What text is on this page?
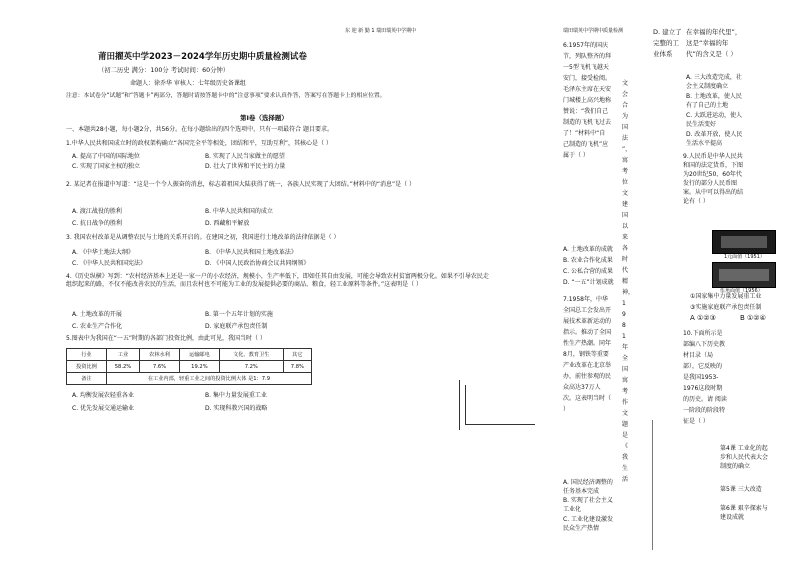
东 迎 新 勤 1 瑞田瑞英中学期中
莆田擢英中学2023－2024学年历史期中质量检测试卷
（初二历史 满分：100分 考试时间：60分钟）
命题人：徐乔华 审核人：七年级历史备课组
注意：本试卷分“试题”和“答题卡”两部分，答题时请按答题卡中的“注意事项”要求认真作答，答案写在答题卡上的相应位置。
第Ⅰ卷（选择题）
一、本题共28小题，每小题2分，共56分。在每小题给出的四个选项中，只有一项最符合 题目要求。
1.中华人民共和国成立时的政权架构确立“各国完全平等相处，团结和平，互助互利”，其核心是（ ）
A. 提高了中国的国际地位	B. 实现了人民当家做主的愿望
C. 实现了国家主权的独立	D. 壮大了世界和平民主的力量
2. 某记者在报道中写道：“这是一个令人振奋的消息，标志着祖国大陆获得了统一，各族人民实现了大团结。”材料中的“消息”是（ ）
A. 渡江战役的胜利	B. 中华人民共和国的成立
C. 抗日战争的胜利	D. 西藏和平解放
3. 我国农村改革是从调整农民与土地的关系开启的。在建国之初，我国进行土地改革的法律依据是（ ）
A. 《中华土地法大纲》	B. 《中华人民共和国土地改革法》
C. 《中华人民共和国宪法》	D. 《中国人民政治协商会议共同纲领》
4.《历史纵横》写到：“农村经济基本上还是一家一户的小农经济，规模小，生产率低下，即如任其自由发展，可能会导致农村贫富两极分化。如果不引导农民走组织起来的路，不仅不能改善农民的生活，而且农村也不可能为工业的发展提供必要的商品、粮食，轻工业原料等条件。”这表明是（ ）
A. 土地改革的开展	B. 第一个五年计划的实施
C. 农业生产合作化	D. 家庭联产承包责任制
5.图表中为我国在“一五”时期的各部门投资比例，由此可见，我国当时（ ）
行业	工业	农林水利	运输邮电	文化、教育卫生	其它
投资比例	58.2%	7.6%	19.2%	7.2%	7.8%
备注	在工业内部，轻重工业之间的投资比例大体 是1：7.9				
A. 均衡发展农轻重各业	B. 集中力量发展重工业
C. 优先发展交通运输业	D. 实现科教兴国的战略
瑞田瑞英中学期中质量检测
6.1957年的国庆节，列队整齐的拜一5型飞机飞越天安门，接受检阅。毛泽东主席在天安门城楼上高兴地称赞说：“我们自己制造的飞机飞过去了！”材料中“自己制造的飞机”应属于（ ）
文 会 合 为 国 法 ”，寓 考 位 文 建 国 以 来 各 时 代 精 神，1 9 8 1 年 全 国 寓 考 作 文 题 是《 我 生 活
A. 土地改革的成就
B. 农业合作化成果
C. 公私合营的成果
D. “一五”计划成就
7.1958年，中华全国总工会发出开展技术革新运动的指示。推动了全国性生产热潮。同年8月，钢铁等重要产业改革在北京举办，前往参观的民众高达37万人次。这表明当时（ ）
A. 国民经济调整的任务基本完成
B. 实现了社会主义工业化
C. 工业化建设激发民众生产热情
D. 建立了完整的工业体系
在幸福的年代里”，这是“幸福的年代”的含义是（ ）
A. 三大改造完成，社会主义制度确立
B. 土地改革，使人民有了自己的土地
C. 大跃进运动，使人民生活变好
D. 改革开放，使人民生活水平提高
9.人民币是中华人民共和国的法定货币，下图为20世纪50、60年代发行的部分人民币图案。从中可以得出的结论有（ ）
1元面值（1951）
伍角面值（1956）
①国家集中力量发展重工业
③实施家庭联产承包责任制
A ①②③	B ①②④
10.下面所示是部编八下历史教材目录（局部），它反映的是我国1953-1976这段时期的历史。请 阅读一阶段的阶段特征是（ ）
第4课 工业化的起步和人民代表大会制度的确立
第5课 三大改造
第6课 艰辛探索与建设成就
